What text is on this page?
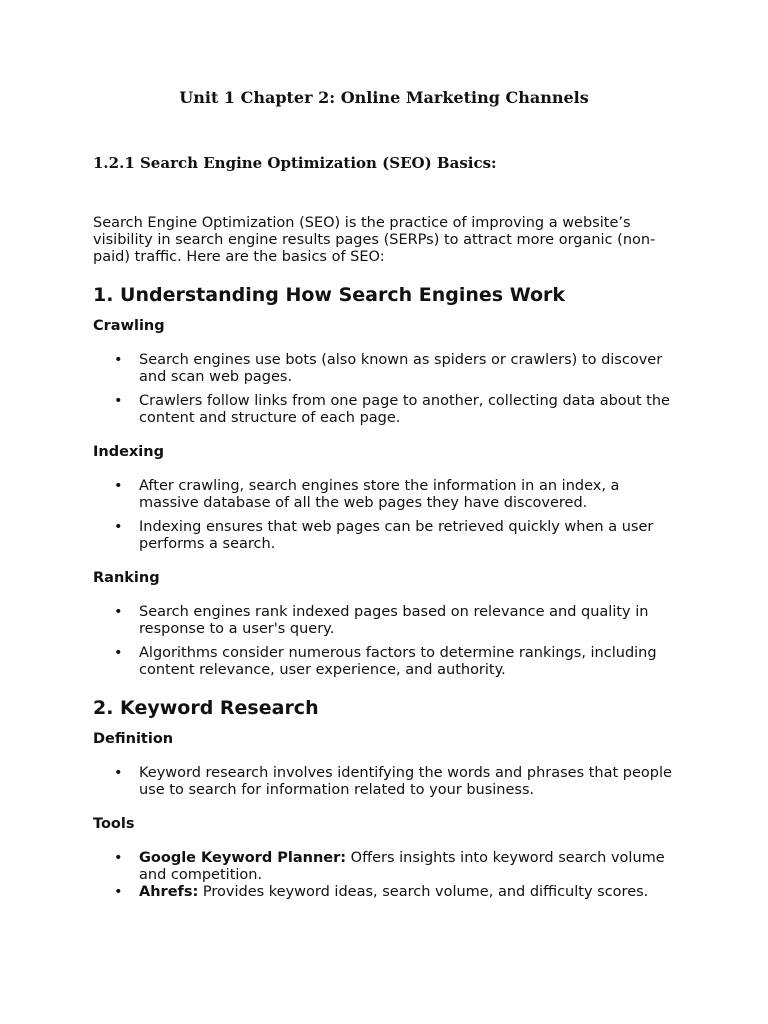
Unit 1 Chapter 2: Online Marketing Channels
1.2.1 Search Engine Optimization (SEO) Basics:

Search Engine Optimization (SEO) is the practice of improving a website’s visibility in search engine results pages (SERPs) to attract more organic (non-paid) traffic. Here are the basics of SEO:

1. Understanding How Search Engines Work
Crawling
• Search engines use bots (also known as spiders or crawlers) to discover and scan web pages.
• Crawlers follow links from one page to another, collecting data about the content and structure of each page.
Indexing
• After crawling, search engines store the information in an index, a massive database of all the web pages they have discovered.
• Indexing ensures that web pages can be retrieved quickly when a user performs a search.
Ranking
• Search engines rank indexed pages based on relevance and quality in response to a user's query.
• Algorithms consider numerous factors to determine rankings, including content relevance, user experience, and authority.
2. Keyword Research
Definition
• Keyword research involves identifying the words and phrases that people use to search for information related to your business.
Tools
• Google Keyword Planner: Offers insights into keyword search volume and competition.
• Ahrefs: Provides keyword ideas, search volume, and difficulty scores.
